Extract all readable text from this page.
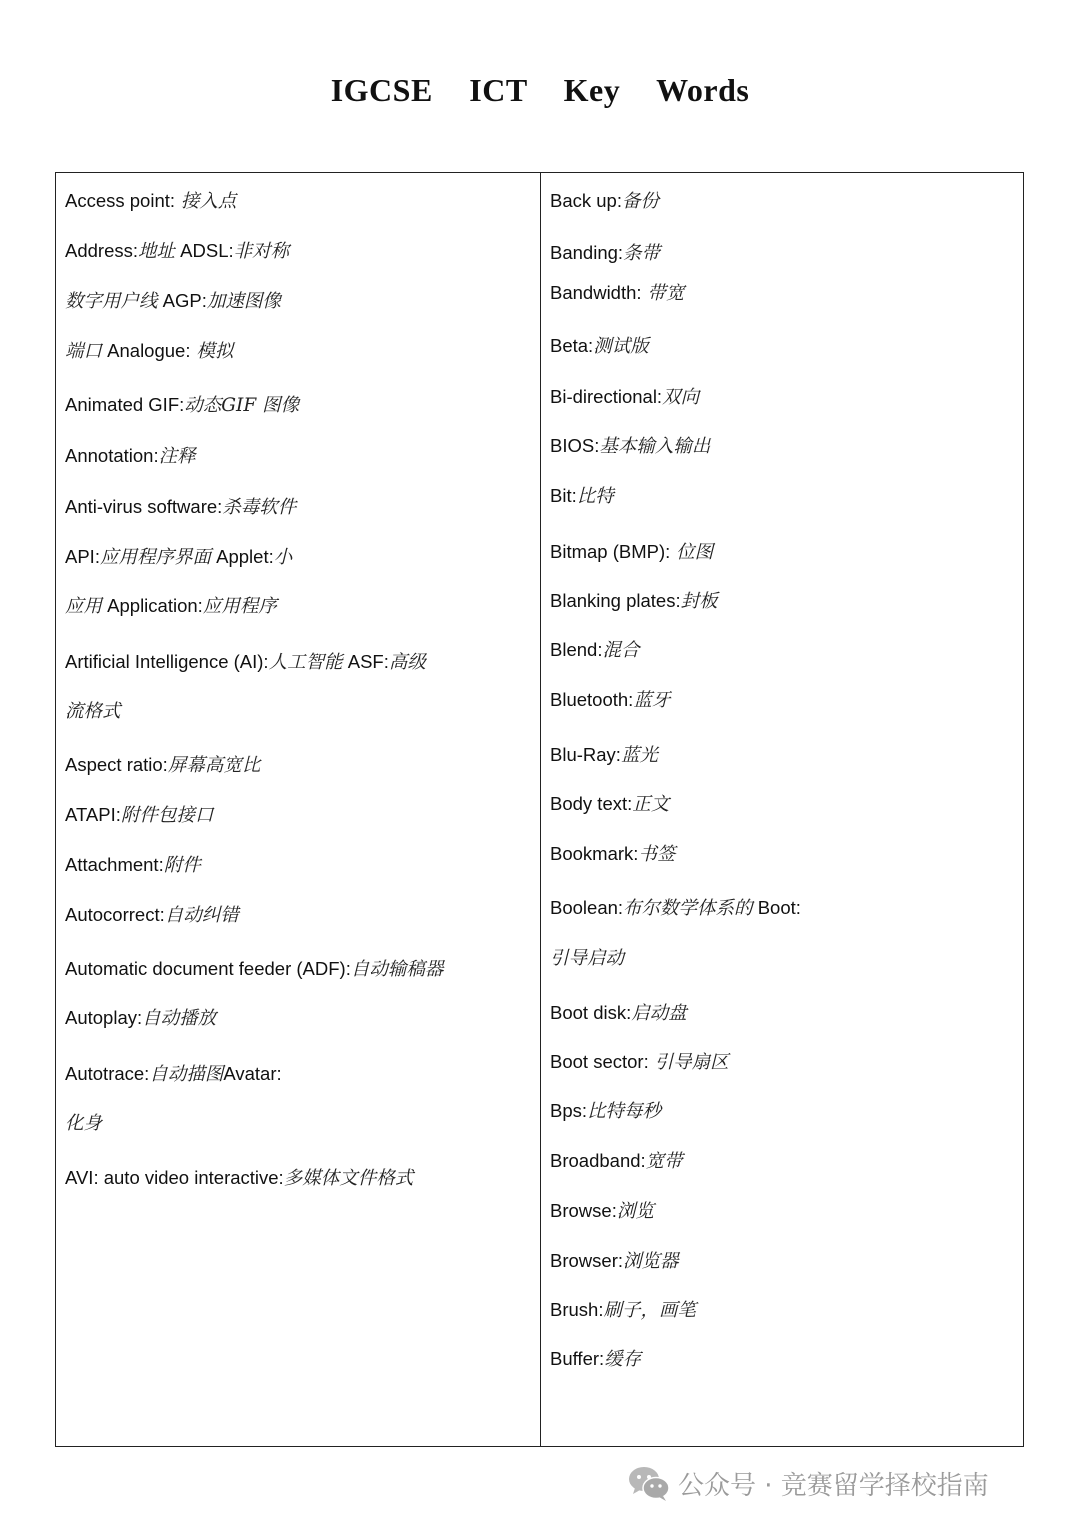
IGCSE ICT Key Words
Access point: 接入点
Address:地址 ADSL:非对称
数字用户线 AGP:加速图像
端口 Analogue: 模拟
Animated GIF:动态GIF 图像
Annotation:注释
Anti-virus software:杀毒软件
API:应用程序界面 Applet:小
应用 Application:应用程序
Artificial Intelligence (AI):人工智能 ASF:高级
流格式
Aspect ratio:屏幕高宽比
ATAPI:附件包接口
Attachment:附件
Autocorrect:自动纠错
Automatic document feeder (ADF):自动输稿器
Autoplay:自动播放
Autotrace:自动描图Avatar:
化身
AVI: auto video interactive:多媒体文件格式
Back up:备份
Banding:条带
Bandwidth: 带宽
Beta:测试版
Bi-directional:双向
BIOS:基本输入输出
Bit:比特
Bitmap (BMP): 位图
Blanking plates:封板
Blend:混合
Bluetooth:蓝牙
Blu-Ray:蓝光
Body text:正文
Bookmark:书签
Boolean:布尔数学体系的 Boot:
引导启动
Boot disk:启动盘
Boot sector: 引导扇区
Bps:比特每秒
Broadband:宽带
Browse:浏览
Browser:浏览器
Brush:刷子，画笔
Buffer:缓存
公众号 · 竞赛留学择校指南
